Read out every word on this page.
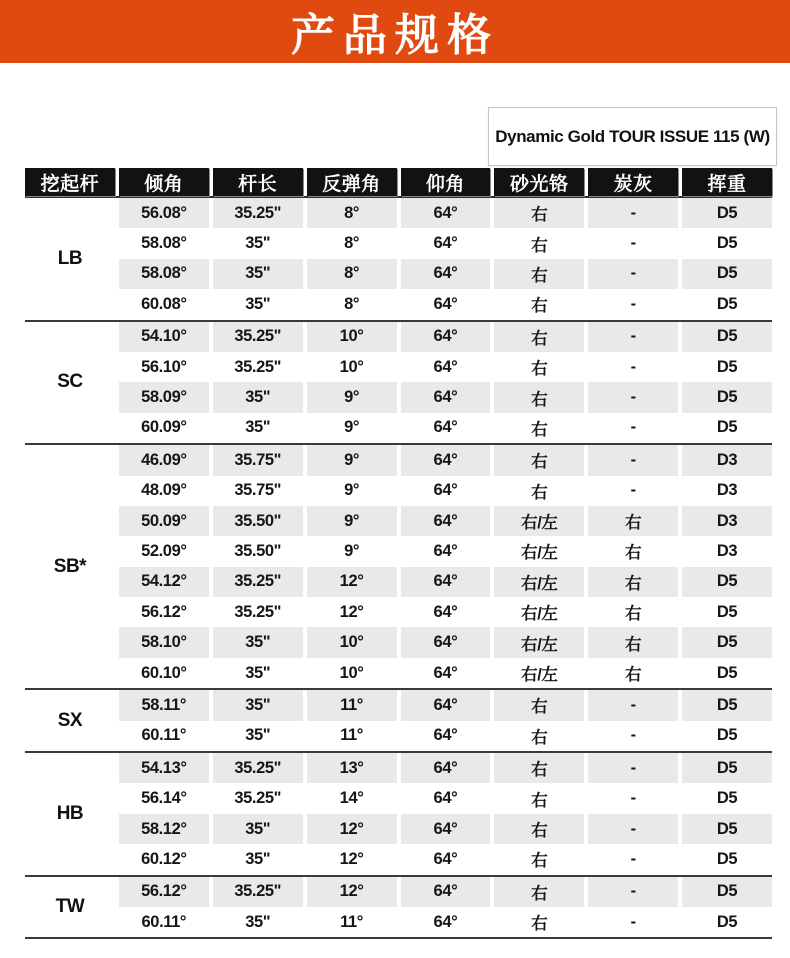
产品规格
Dynamic Gold TOUR ISSUE 115 (W)
挖起杆	倾角	杆长	反弹角	仰角	砂光铬	炭灰	挥重
LB
56.08°	35.25"	8°	64°	右	-	D5
58.08°	35"	8°	64°	右	-	D5
58.08°	35"	8°	64°	右	-	D5
60.08°	35"	8°	64°	右	-	D5
SC
54.10°	35.25"	10°	64°	右	-	D5
56.10°	35.25"	10°	64°	右	-	D5
58.09°	35"	9°	64°	右	-	D5
60.09°	35"	9°	64°	右	-	D5
SB*
46.09°	35.75"	9°	64°	右	-	D3
48.09°	35.75"	9°	64°	右	-	D3
50.09°	35.50"	9°	64°	右/左	右	D3
52.09°	35.50"	9°	64°	右/左	右	D3
54.12°	35.25"	12°	64°	右/左	右	D5
56.12°	35.25"	12°	64°	右/左	右	D5
58.10°	35"	10°	64°	右/左	右	D5
60.10°	35"	10°	64°	右/左	右	D5
SX
58.11°	35"	11°	64°	右	-	D5
60.11°	35"	11°	64°	右	-	D5
HB
54.13°	35.25"	13°	64°	右	-	D5
56.14°	35.25"	14°	64°	右	-	D5
58.12°	35"	12°	64°	右	-	D5
60.12°	35"	12°	64°	右	-	D5
TW
56.12°	35.25"	12°	64°	右	-	D5
60.11°	35"	11°	64°	右	-	D5
